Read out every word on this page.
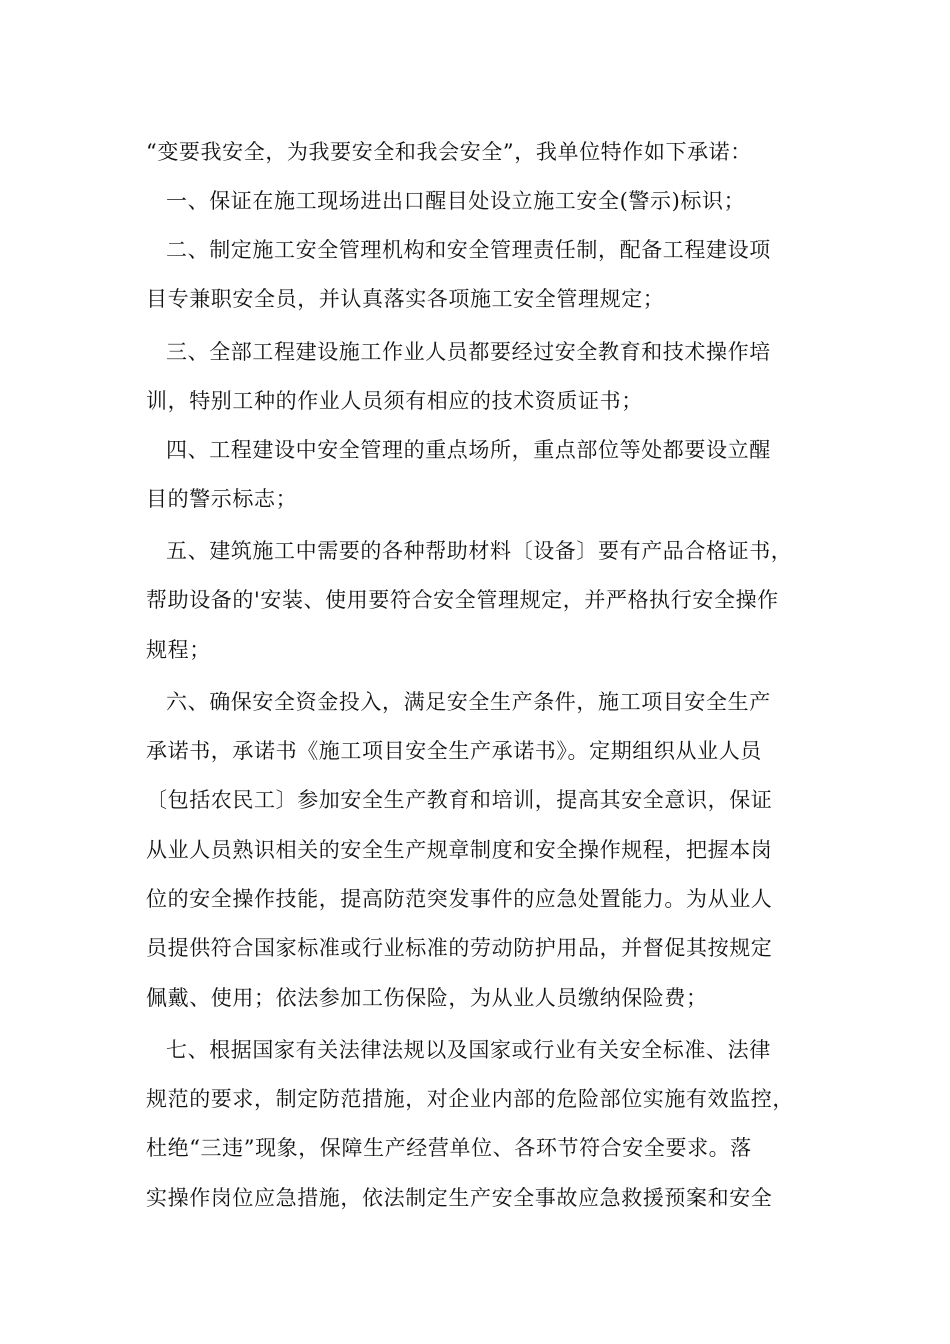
“变要我安全，为我要安全和我会安全”，我单位特作如下承诺：
一、保证在施工现场进出口醒目处设立施工安全(警示)标识；
二、制定施工安全管理机构和安全管理责任制，配备工程建设项
目专兼职安全员，并认真落实各项施工安全管理规定；
三、全部工程建设施工作业人员都要经过安全教育和技术操作培
训，特别工种的作业人员须有相应的技术资质证书；
四、工程建设中安全管理的重点场所，重点部位等处都要设立醒
目的警示标志；
五、建筑施工中需要的各种帮助材料〔设备〕要有产品合格证书，
帮助设备的'安装、使用要符合安全管理规定，并严格执行安全操作
规程；
六、确保安全资金投入，满足安全生产条件，施工项目安全生产
承诺书，承诺书《施工项目安全生产承诺书》。定期组织从业人员
〔包括农民工〕参加安全生产教育和培训，提高其安全意识，保证
从业人员熟识相关的安全生产规章制度和安全操作规程，把握本岗
位的安全操作技能，提高防范突发事件的应急处置能力。为从业人
员提供符合国家标准或行业标准的劳动防护用品，并督促其按规定
佩戴、使用；依法参加工伤保险，为从业人员缴纳保险费；
七、根据国家有关法律法规以及国家或行业有关安全标准、法律
规范的要求，制定防范措施，对企业内部的危险部位实施有效监控，
杜绝“三违”现象，保障生产经营单位、各环节符合安全要求。落
实操作岗位应急措施，依法制定生产安全事故应急救援预案和安全
